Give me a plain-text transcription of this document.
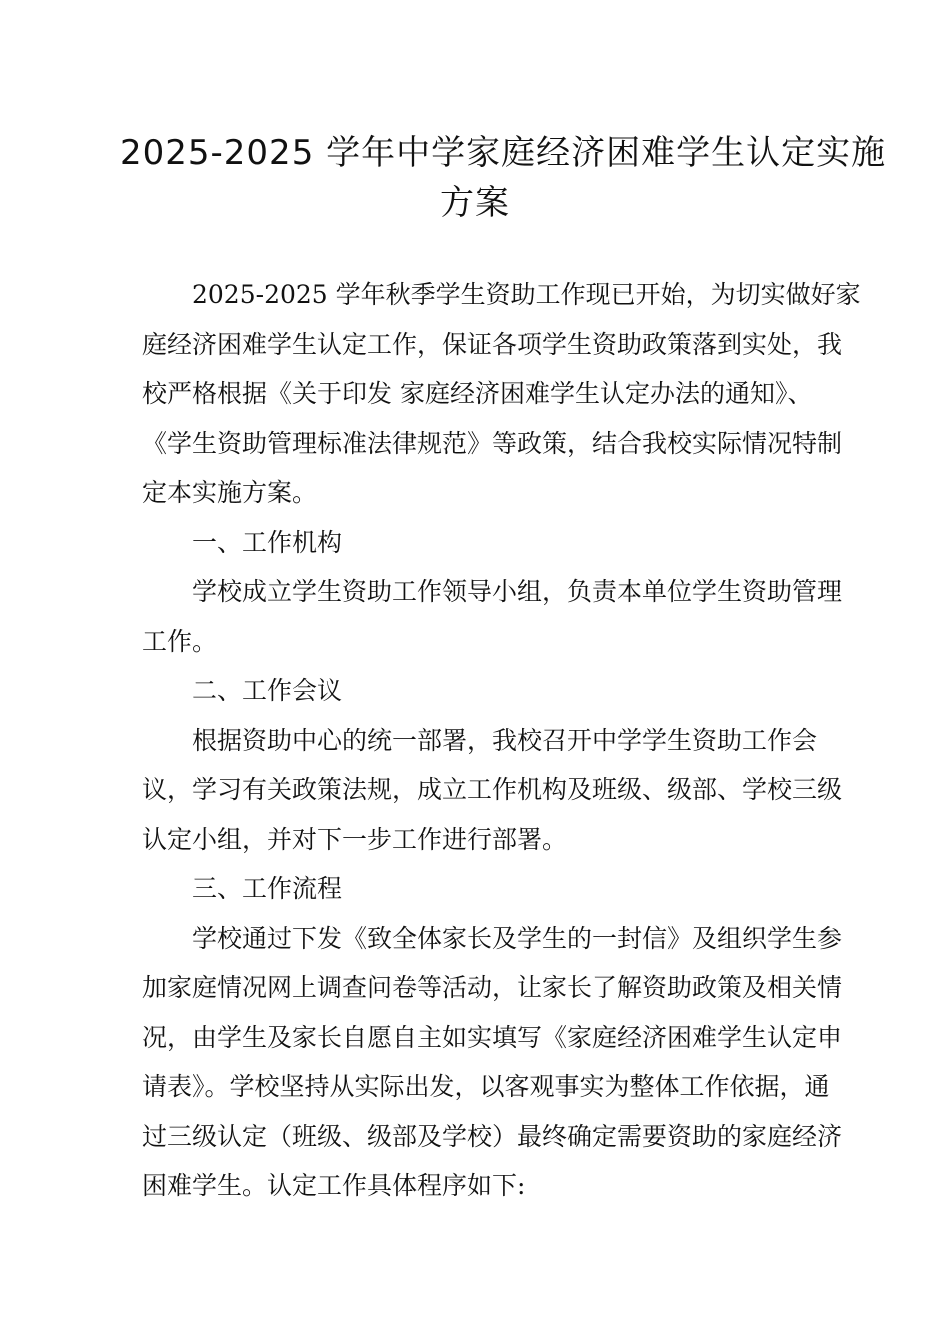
2025-2025 学年中学家庭经济困难学生认定实施
方案

2025-2025 学年秋季学生资助工作现已开始，为切实做好家
庭经济困难学生认定工作，保证各项学生资助政策落到实处，我
校严格根据《关于印发 家庭经济困难学生认定办法的通知》、
《学生资助管理标准法律规范》等政策，结合我校实际情况特制
定本实施方案。

一、工作机构

学校成立学生资助工作领导小组，负责本单位学生资助管理
工作。

二、工作会议

根据资助中心的统一部署，我校召开中学学生资助工作会
议，学习有关政策法规，成立工作机构及班级、级部、学校三级
认定小组，并对下一步工作进行部署。

三、工作流程

学校通过下发《致全体家长及学生的一封信》及组织学生参
加家庭情况网上调查问卷等活动，让家长了解资助政策及相关情
况，由学生及家长自愿自主如实填写《家庭经济困难学生认定申
请表》。学校坚持从实际出发，以客观事实为整体工作依据，通
过三级认定（班级、级部及学校）最终确定需要资助的家庭经济
困难学生。认定工作具体程序如下:
